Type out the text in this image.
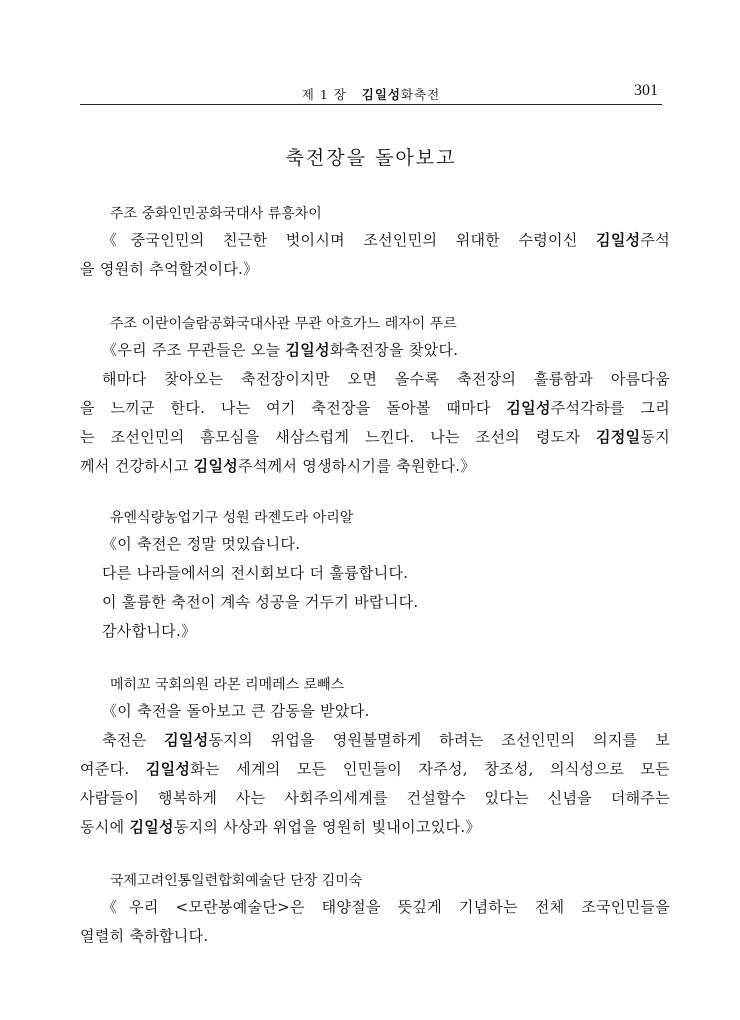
제 1 장 김일성화축전	301
축전장을 돌아보고
주조 중화인민공화국대사 류흥차이
《중국인민의 친근한 벗이시며 조선인민의 위대한 수령이신 김일성주석
을 영원히 추억할것이다.》
주조 이란이슬람공화국대사관 무관 아흐가느 레자이 푸르
《우리 주조 무관들은 오늘 김일성화축전장을 찾았다.
해마다 찾아오는 축전장이지만 오면 올수록 축전장의 훌륭함과 아름다움
을 느끼군 한다. 나는 여기 축전장을 돌아볼 때마다 김일성주석각하를 그리
는 조선인민의 흠모심을 새삼스럽게 느낀다. 나는 조선의 령도자 김정일동지
께서 건강하시고 김일성주석께서 영생하시기를 축원한다.》
유엔식량농업기구 성원 라젠도라 아리알
《이 축전은 정말 멋있습니다.
다른 나라들에서의 전시회보다 더 훌륭합니다.
이 훌륭한 축전이 계속 성공을 거두기 바랍니다.
감사합니다.》
메히꼬 국회의원 라몬 리메레스 로빼스
《이 축전을 돌아보고 큰 감동을 받았다.
축전은 김일성동지의 위업을 영원불멸하게 하려는 조선인민의 의지를 보
여준다. 김일성화는 세계의 모든 인민들이 자주성, 창조성, 의식성으로 모든
사람들이 행복하게 사는 사회주의세계를 건설할수 있다는 신념을 더해주는
동시에 김일성동지의 사상과 위업을 영원히 빛내이고있다.》
국제고려인통일련합회예술단 단장 김미숙
《우리 <모란봉예술단>은 태양절을 뜻깊게 기념하는 전체 조국인민들을
열렬히 축하합니다.
